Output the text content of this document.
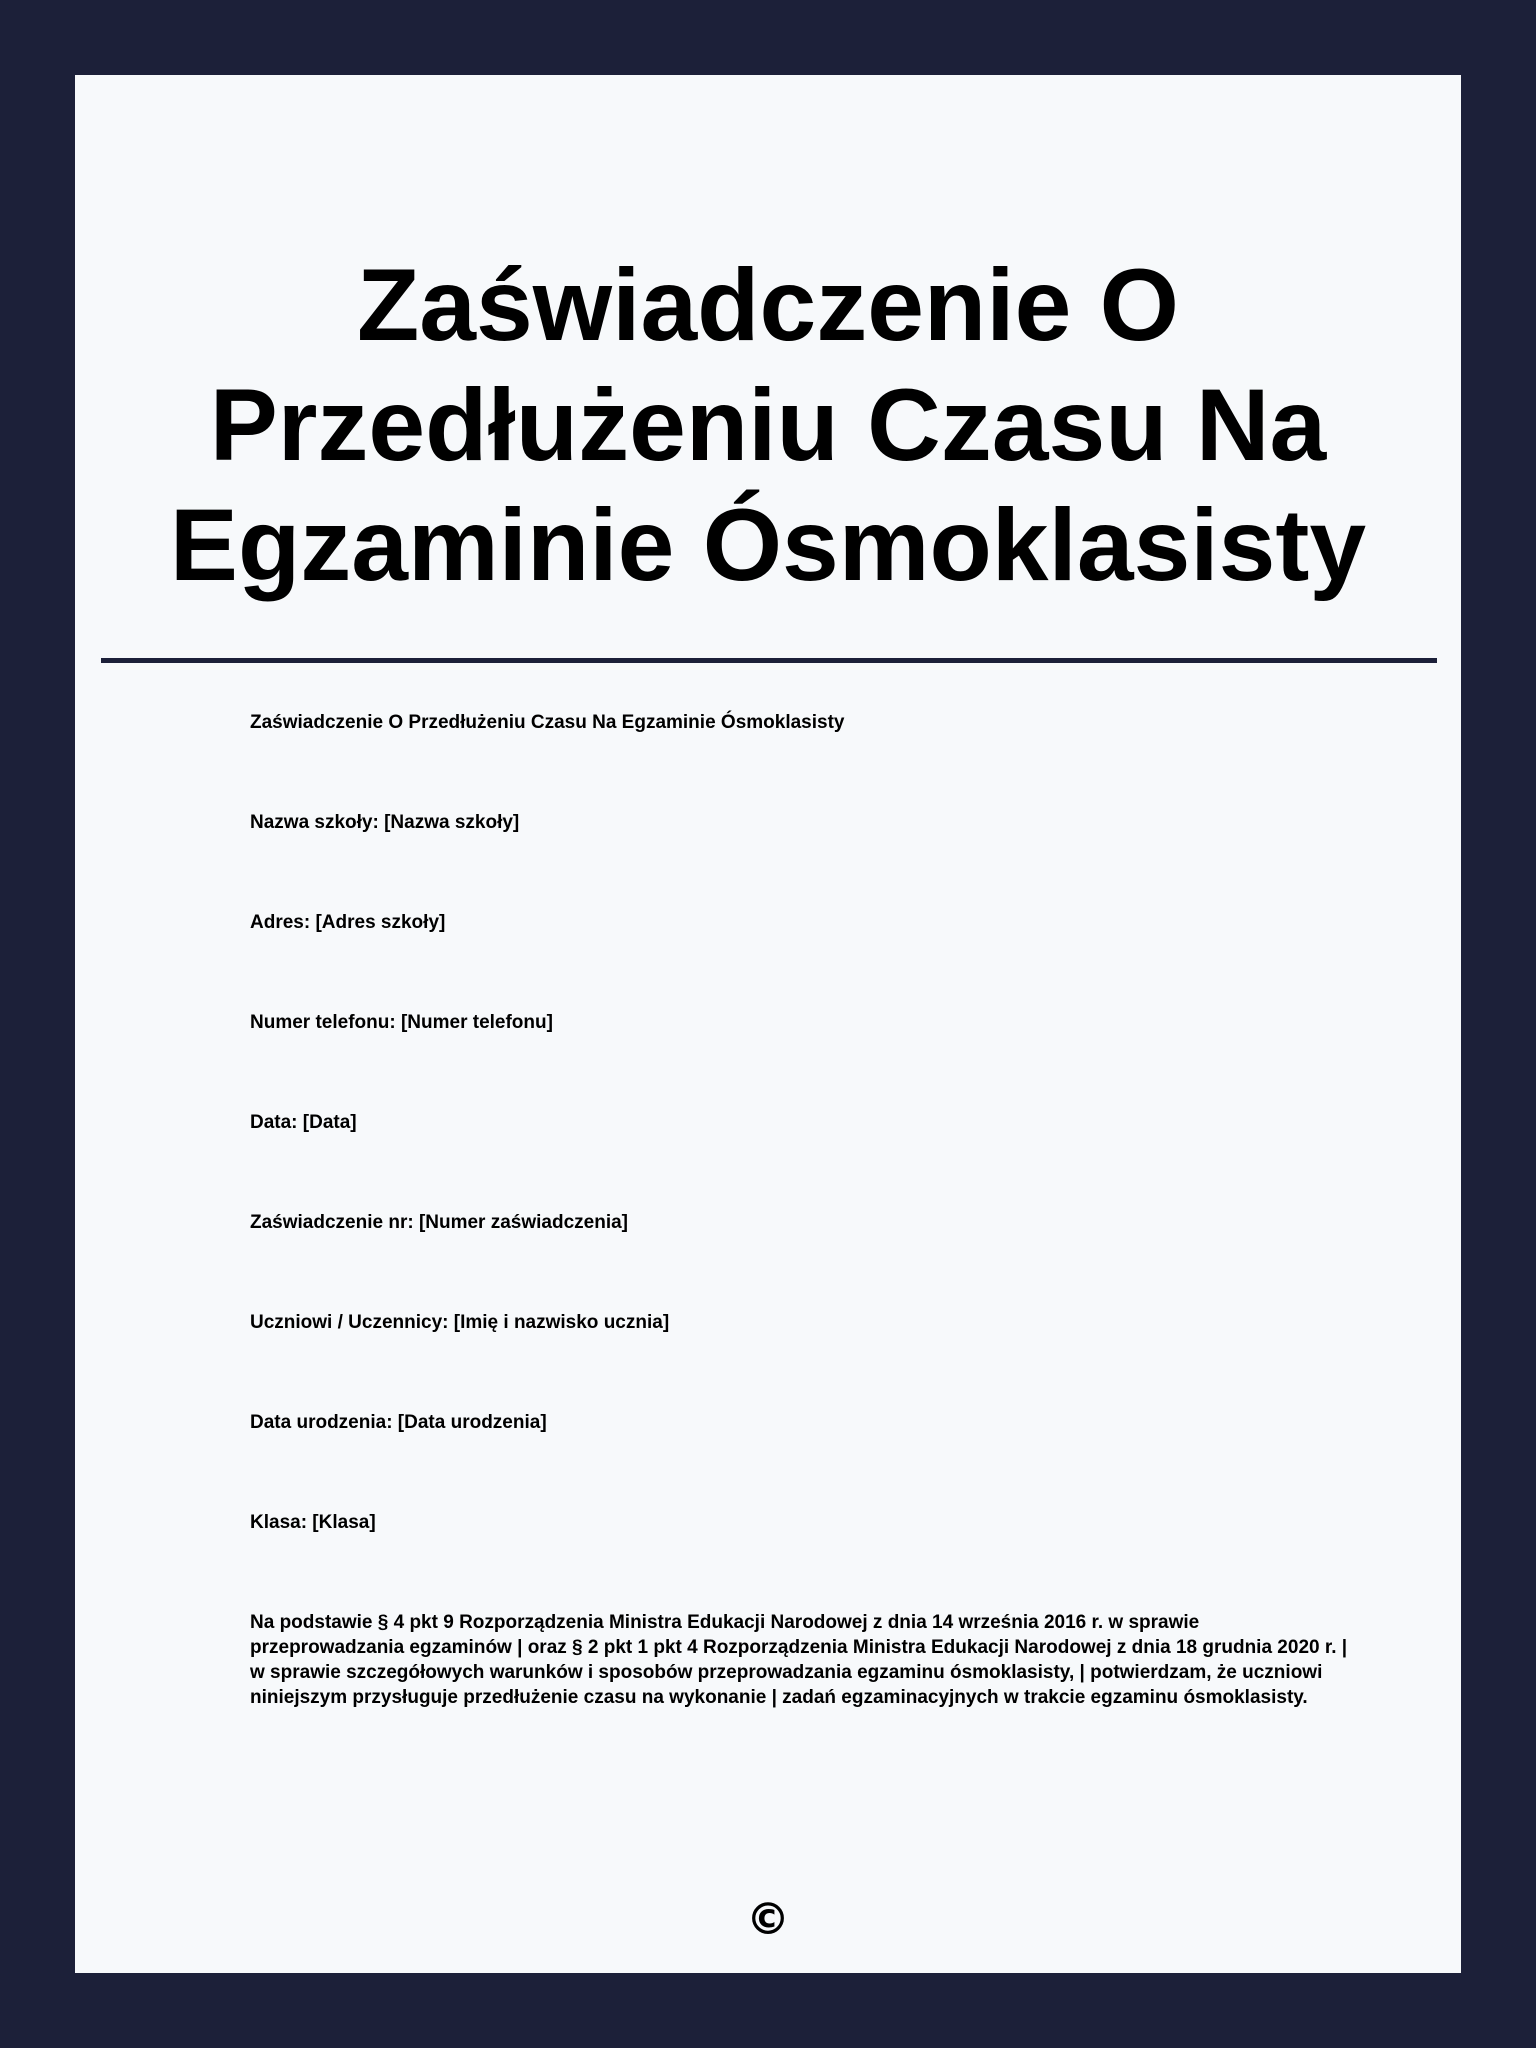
Zaświadczenie O Przedłużeniu Czasu Na Egzaminie Ósmoklasisty

Zaświadczenie O Przedłużeniu Czasu Na Egzaminie Ósmoklasisty

Nazwa szkoły: [Nazwa szkoły]

Adres: [Adres szkoły]

Numer telefonu: [Numer telefonu]

Data: [Data]

Zaświadczenie nr: [Numer zaświadczenia]

Uczniowi / Uczennicy: [Imię i nazwisko ucznia]

Data urodzenia: [Data urodzenia]

Klasa: [Klasa]

Na podstawie § 4 pkt 9 Rozporządzenia Ministra Edukacji Narodowej z dnia 14 września 2016 r. w sprawie przeprowadzania egzaminów | oraz § 2 pkt 1 pkt 4 Rozporządzenia Ministra Edukacji Narodowej z dnia 18 grudnia 2020 r. | w sprawie szczegółowych warunków i sposobów przeprowadzania egzaminu ósmoklasisty, | potwierdzam, że uczniowi niniejszym przysługuje przedłużenie czasu na wykonanie | zadań egzaminacyjnych w trakcie egzaminu ósmoklasisty.

©
